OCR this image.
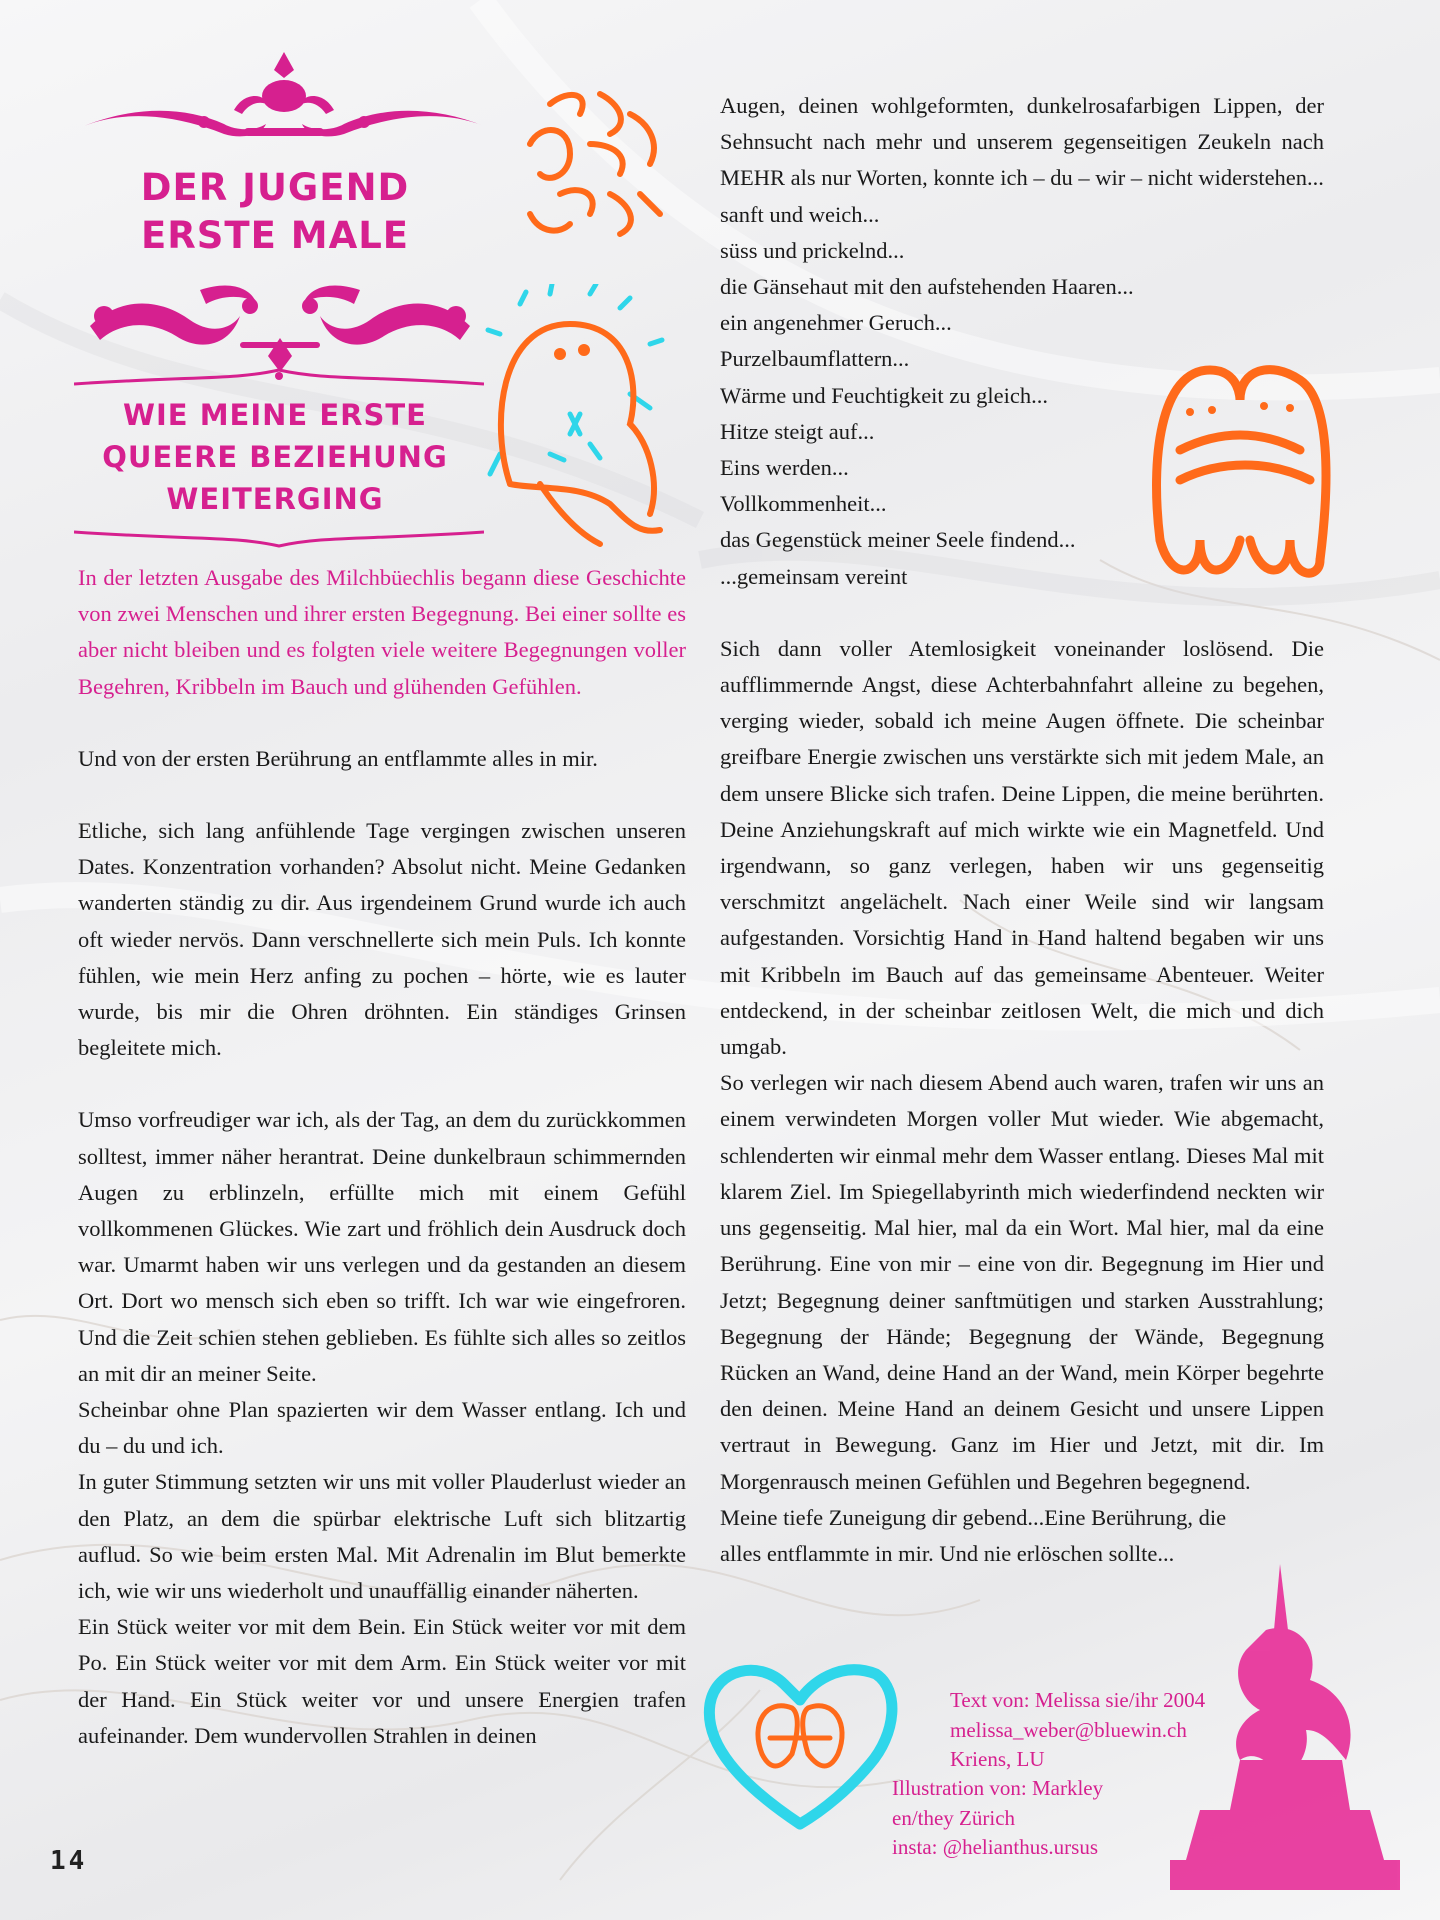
DER JUGEND
ERSTE MALE
WIE MEINE ERSTE
QUEERE BEZIEHUNG
WEITERGING

In der letzten Ausgabe des Milchbüechlis begann diese Geschichte von zwei Menschen und ihrer ersten Begegnung. Bei einer sollte es aber nicht bleiben und es folgten viele weitere Begegnungen voller Begehren, Kribbeln im Bauch und glühenden Gefühlen.

Und von der ersten Berührung an entflammte alles in mir.

Etliche, sich lang anfühlende Tage vergingen zwischen unseren Dates. Konzentration vorhanden? Absolut nicht. Meine Gedanken wanderten ständig zu dir. Aus irgendeinem Grund wurde ich auch oft wieder nervös. Dann verschnellerte sich mein Puls. Ich konnte fühlen, wie mein Herz anfing zu pochen – hörte, wie es lauter wurde, bis mir die Ohren dröhnten. Ein ständiges Grinsen begleitete mich.

Umso vorfreudiger war ich, als der Tag, an dem du zurückkommen solltest, immer näher herantrat. Deine dunkelbraun schimmernden Augen zu erblinzeln, erfüllte mich mit einem Gefühl vollkommenen Glückes. Wie zart und fröhlich dein Ausdruck doch war. Umarmt haben wir uns verlegen und da gestanden an diesem Ort. Dort wo mensch sich eben so trifft. Ich war wie eingefroren. Und die Zeit schien stehen geblieben. Es fühlte sich alles so zeitlos an mit dir an meiner Seite.

Scheinbar ohne Plan spazierten wir dem Wasser entlang. Ich und du – du und ich.

In guter Stimmung setzten wir uns mit voller Plauderlust wieder an den Platz, an dem die spürbar elektrische Luft sich blitzartig auflud. So wie beim ersten Mal. Mit Adrenalin im Blut bemerkte ich, wie wir uns wiederholt und unauffällig einander näherten.

Ein Stück weiter vor mit dem Bein. Ein Stück weiter vor mit dem Po. Ein Stück weiter vor mit dem Arm. Ein Stück weiter vor mit der Hand. Ein Stück weiter vor und unsere Energien trafen aufeinander. Dem wundervollen Strahlen in deinen

Augen, deinen wohlgeformten, dunkelrosafarbigen Lippen, der Sehnsucht nach mehr und unserem gegenseitigen Zeukeln nach MEHR als nur Worten, konnte ich – du – wir – nicht widerstehen...

sanft und weich...

süss und prickelnd...

die Gänsehaut mit den aufstehenden Haaren...

ein angenehmer Geruch...

Purzelbaumflattern...

Wärme und Feuchtigkeit zu gleich...

Hitze steigt auf...

Eins werden...

Vollkommenheit...

das Gegenstück meiner Seele findend...

...gemeinsam vereint

Sich dann voller Atemlosigkeit voneinander loslösend. Die aufflimmernde Angst, diese Achterbahnfahrt alleine zu begehen, verging wieder, sobald ich meine Augen öffnete. Die scheinbar greifbare Energie zwischen uns verstärkte sich mit jedem Male, an dem unsere Blicke sich trafen. Deine Lippen, die meine berührten. Deine Anziehungskraft auf mich wirkte wie ein Magnetfeld. Und irgendwann, so ganz verlegen, haben wir uns gegenseitig verschmitzt angelächelt. Nach einer Weile sind wir langsam aufgestanden. Vorsichtig Hand in Hand haltend begaben wir uns mit Kribbeln im Bauch auf das gemeinsame Abenteuer. Weiter entdeckend, in der scheinbar zeitlosen Welt, die mich und dich umgab.

So verlegen wir nach diesem Abend auch waren, trafen wir uns an einem verwindeten Morgen voller Mut wieder. Wie abgemacht, schlenderten wir einmal mehr dem Wasser entlang. Dieses Mal mit klarem Ziel. Im Spiegellabyrinth mich wiederfindend neckten wir uns gegenseitig. Mal hier, mal da ein Wort. Mal hier, mal da eine Berührung. Eine von mir – eine von dir. Begegnung im Hier und Jetzt; Begegnung deiner sanftmütigen und starken Ausstrahlung; Begegnung der Hände; Begegnung der Wände, Begegnung Rücken an Wand, deine Hand an der Wand, mein Körper begehrte den deinen. Meine Hand an deinem Gesicht und unsere Lippen vertraut in Bewegung. Ganz im Hier und Jetzt, mit dir. Im Morgenrausch meinen Gefühlen und Begehren begegnend.

Meine tiefe Zuneigung dir gebend...Eine Berührung, die

alles entflammte in mir. Und nie erlöschen sollte...

Text von: Melissa sie/ihr 2004
melissa_weber@bluewin.ch
Kriens, LU
Illustration von: Markley
en/they Zürich
insta: @helianthus.ursus
14
